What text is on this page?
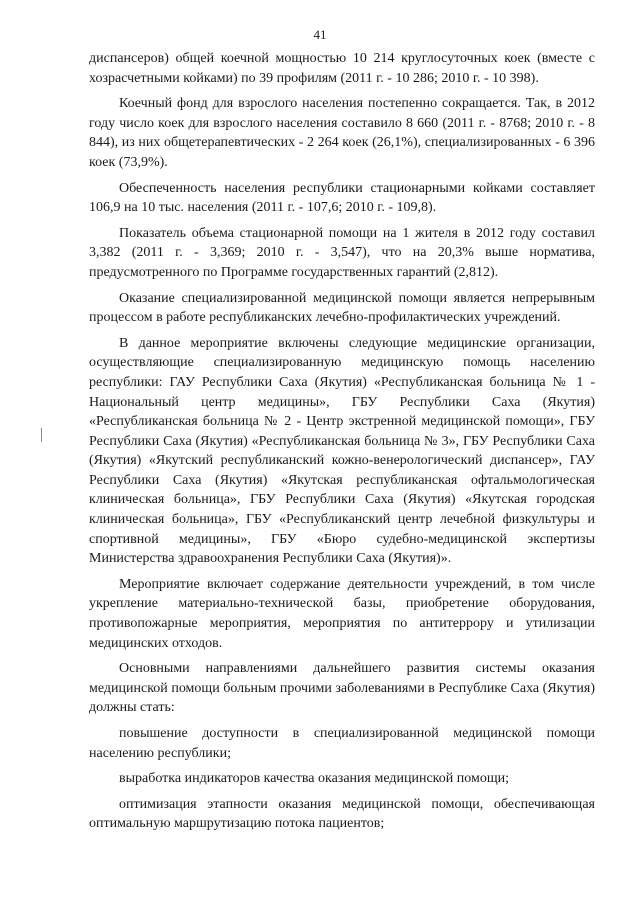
41

диспансеров) общей коечной мощностью 10 214 круглосуточных коек (вместе с хозрасчетными койками) по 39 профилям (2011 г. - 10 286; 2010 г. - 10 398).

Коечный фонд для взрослого населения постепенно сокращается. Так, в 2012 году число коек для взрослого населения составило 8 660 (2011 г. - 8768; 2010 г. - 8 844), из них общетерапевтических - 2 264 коек (26,1%), специализированных - 6 396 коек (73,9%).

Обеспеченность населения республики стационарными койками составляет 106,9 на 10 тыс. населения (2011 г. - 107,6; 2010 г. - 109,8).

Показатель объема стационарной помощи на 1 жителя в 2012 году составил 3,382 (2011 г. - 3,369; 2010 г. - 3,547), что на 20,3% выше норматива, предусмотренного по Программе государственных гарантий (2,812).

Оказание специализированной медицинской помощи является непрерывным процессом в работе республиканских лечебно-профилактических учреждений.

В данное мероприятие включены следующие медицинские организации, осуществляющие специализированную медицинскую помощь населению республики: ГАУ Республики Саха (Якутия) «Республиканская больница № 1 - Национальный центр медицины», ГБУ Республики Саха (Якутия) «Республиканская больница № 2 - Центр экстренной медицинской помощи», ГБУ Республики Саха (Якутия) «Республиканская больница № 3», ГБУ Республики Саха (Якутия) «Якутский республиканский кожно-венерологический диспансер», ГАУ Республики Саха (Якутия) «Якутская республиканская офтальмологическая клиническая больница», ГБУ Республики Саха (Якутия) «Якутская городская клиническая больница», ГБУ «Республиканский центр лечебной физкультуры и спортивной медицины», ГБУ «Бюро судебно-медицинской экспертизы Министерства здравоохранения Республики Саха (Якутия)».

Мероприятие включает содержание деятельности учреждений, в том числе укрепление материально-технической базы, приобретение оборудования, противопожарные мероприятия, мероприятия по антитеррору и утилизации медицинских отходов.

Основными направлениями дальнейшего развития системы оказания медицинской помощи больным прочими заболеваниями в Республике Саха (Якутия) должны стать:

повышение доступности в специализированной медицинской помощи населению республики;

выработка индикаторов качества оказания медицинской помощи;

оптимизация этапности оказания медицинской помощи, обеспечивающая оптимальную маршрутизацию потока пациентов;
